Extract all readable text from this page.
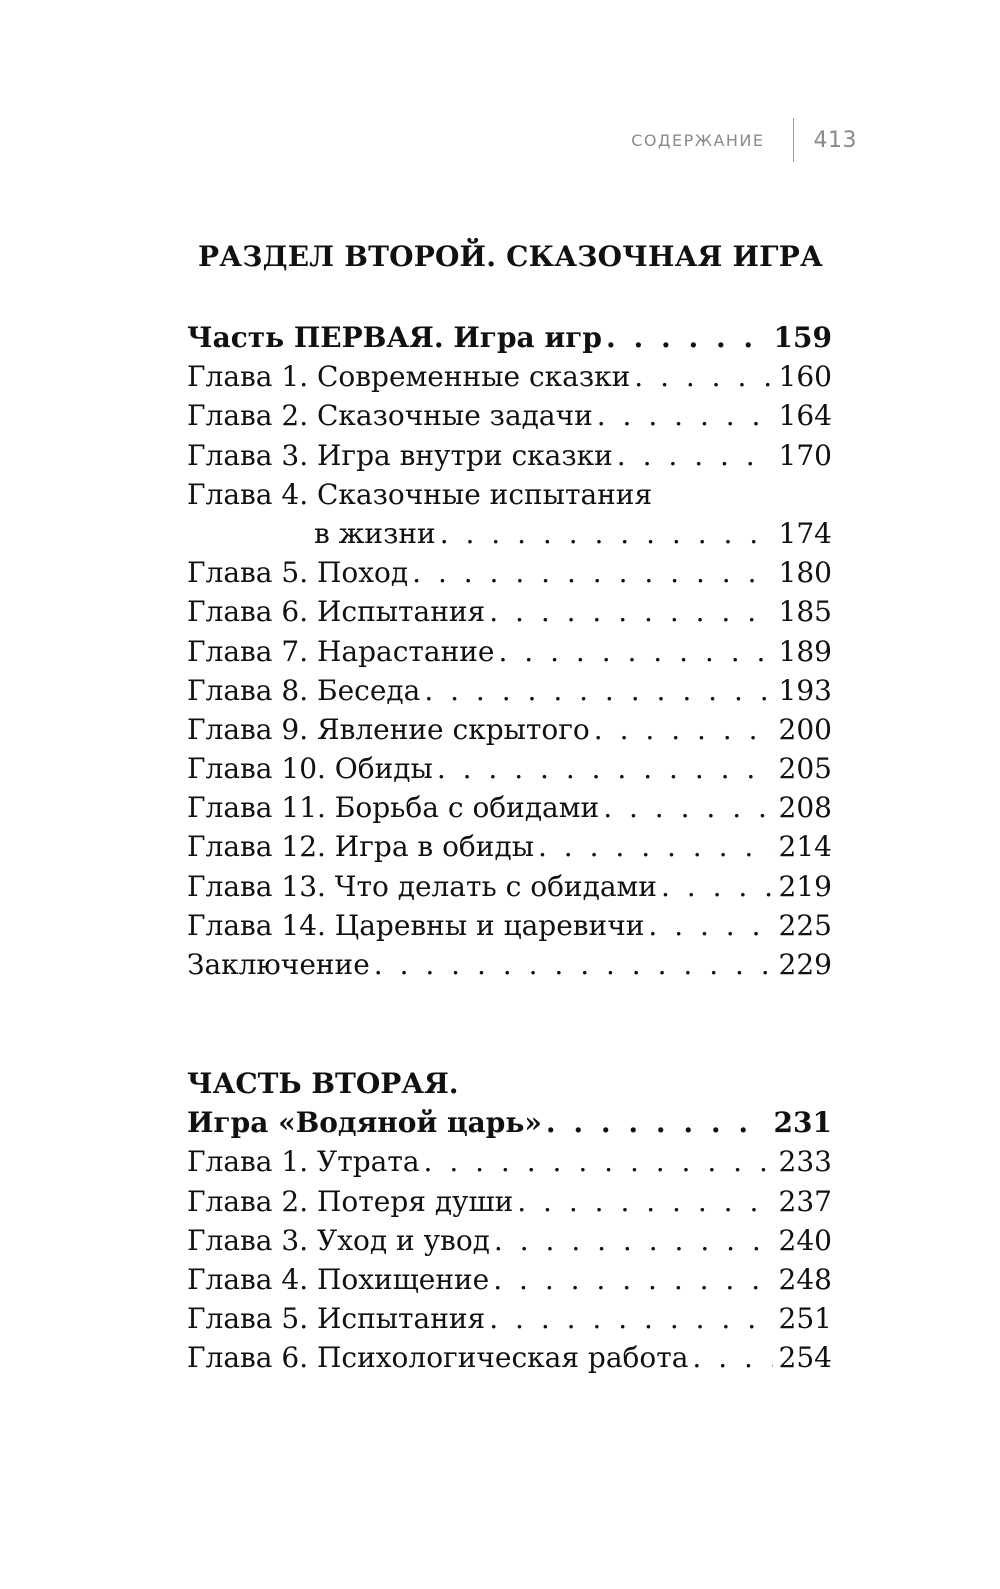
СОДЕРЖАНИЕ	413
РАЗДЕЛ ВТОРОЙ. СКАЗОЧНАЯ ИГРА
Часть ПЕРВАЯ. Игра игр . . .	159
Глава 1. Современные сказки . . .	160
Глава 2. Сказочные задачи . . .	164
Глава 3. Игра внутри сказки . . .	170
Глава 4. Сказочные испытания
в жизни . . .	174
Глава 5. Поход . . .	180
Глава 6. Испытания . . .	185
Глава 7. Нарастание . . .	189
Глава 8. Беседа . . .	193
Глава 9. Явление скрытого . . .	200
Глава 10. Обиды . . .	205
Глава 11. Борьба с обидами . . .	208
Глава 12. Игра в обиды . . .	214
Глава 13. Что делать с обидами . . .	219
Глава 14. Царевны и царевичи . . .	225
Заключение . . .	229
ЧАСТЬ ВТОРАЯ.
Игра «Водяной царь» . . .	231
Глава 1. Утрата . . .	233
Глава 2. Потеря души . . .	237
Глава 3. Уход и увод . . .	240
Глава 4. Похищение . . .	248
Глава 5. Испытания . . .	251
Глава 6. Психологическая работа . . .	254
